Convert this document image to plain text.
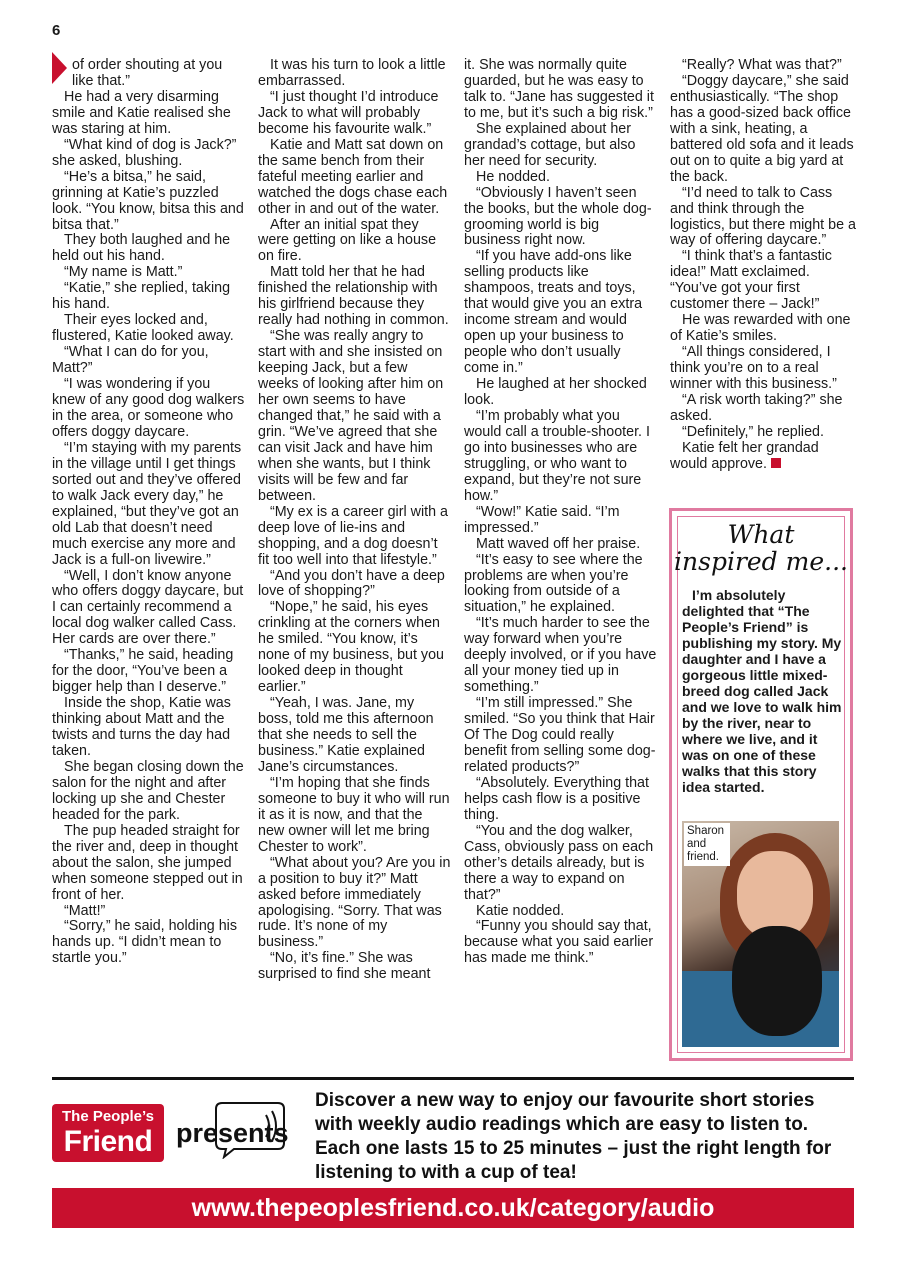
6

of order shouting at you like that.”

He had a very disarming smile and Katie realised she was staring at him.

“What kind of dog is Jack?” she asked, blushing.

“He’s a bitsa,” he said, grinning at Katie’s puzzled look. “You know, bitsa this and bitsa that.”

They both laughed and he held out his hand.

“My name is Matt.”

“Katie,” she replied, taking his hand.

Their eyes locked and, flustered, Katie looked away.

“What I can do for you, Matt?”

“I was wondering if you knew of any good dog walkers in the area, or someone who offers doggy daycare.

“I’m staying with my parents in the village until I get things sorted out and they’ve offered to walk Jack every day,” he explained, “but they’ve got an old Lab that doesn’t need much exercise any more and Jack is a full-on livewire.”

“Well, I don’t know anyone who offers doggy daycare, but I can certainly recommend a local dog walker called Cass. Her cards are over there.”

“Thanks,” he said, heading for the door, “You’ve been a bigger help than I deserve.”

Inside the shop, Katie was thinking about Matt and the twists and turns the day had taken.

She began closing down the salon for the night and after locking up she and Chester headed for the park.

The pup headed straight for the river and, deep in thought about the salon, she jumped when someone stepped out in front of her.

“Matt!”

“Sorry,” he said, holding his hands up. “I didn’t mean to startle you.”

It was his turn to look a little embarrassed.

“I just thought I’d introduce Jack to what will probably become his favourite walk.”

Katie and Matt sat down on the same bench from their fateful meeting earlier and watched the dogs chase each other in and out of the water.

After an initial spat they were getting on like a house on fire.

Matt told her that he had finished the relationship with his girlfriend because they really had nothing in common.

“She was really angry to start with and she insisted on keeping Jack, but a few weeks of looking after him on her own seems to have changed that,” he said with a grin. “We’ve agreed that she can visit Jack and have him when she wants, but I think visits will be few and far between.

“My ex is a career girl with a deep love of lie-ins and shopping, and a dog doesn’t fit too well into that lifestyle.”

“And you don’t have a deep love of shopping?”

“Nope,” he said, his eyes crinkling at the corners when he smiled. “You know, it’s none of my business, but you looked deep in thought earlier.”

“Yeah, I was. Jane, my boss, told me this afternoon that she needs to sell the business.” Katie explained Jane’s circumstances.

“I’m hoping that she finds someone to buy it who will run it as it is now, and that the new owner will let me bring Chester to work”.

“What about you? Are you in a position to buy it?” Matt asked before immediately apologising. “Sorry. That was rude. It’s none of my business.”

“No, it’s fine.” She was surprised to find she meant

it. She was normally quite guarded, but he was easy to talk to. “Jane has suggested it to me, but it’s such a big risk.”

She explained about her grandad’s cottage, but also her need for security.

He nodded.

“Obviously I haven’t seen the books, but the whole dog-grooming world is big business right now.

“If you have add-ons like selling products like shampoos, treats and toys, that would give you an extra income stream and would open up your business to people who don’t usually come in.”

He laughed at her shocked look.

“I’m probably what you would call a trouble-shooter. I go into businesses who are struggling, or who want to expand, but they’re not sure how.”

“Wow!” Katie said. “I’m impressed.”

Matt waved off her praise.

“It’s easy to see where the problems are when you’re looking from outside of a situation,” he explained.

“It’s much harder to see the way forward when you’re deeply involved, or if you have all your money tied up in something.”

“I’m still impressed.” She smiled. “So you think that Hair Of The Dog could really benefit from selling some dog-related products?”

“Absolutely. Everything that helps cash flow is a positive thing.

“You and the dog walker, Cass, obviously pass on each other’s details already, but is there a way to expand on that?”

Katie nodded.

“Funny you should say that, because what you said earlier has made me think.”

“Really? What was that?”

“Doggy daycare,” she said enthusiastically. “The shop has a good-sized back office with a sink, heating, a battered old sofa and it leads out on to quite a big yard at the back.

“I’d need to talk to Cass and think through the logistics, but there might be a way of offering daycare.”

“I think that’s a fantastic idea!” Matt exclaimed. “You’ve got your first customer there – Jack!”

He was rewarded with one of Katie’s smiles.

“All things considered, I think you’re on to a real winner with this business.”

“A risk worth taking?” she asked.

“Definitely,” he replied.

Katie felt her grandad would approve.

What
inspired me...
I’m absolutely delighted that “The People’s Friend” is publishing my story. My daughter and I have a gorgeous little mixed-breed dog called Jack and we love to walk him by the river, near to where we live, and it was on one of these walks that this story idea started.
Sharon and friend.
The People’s
Friend presents
Discover a new way to enjoy our favourite short stories with weekly audio readings which are easy to listen to. Each one lasts 15 to 25 minutes – just the right length for listening to with a cup of tea!
www.thepeoplesfriend.co.uk/category/audio
